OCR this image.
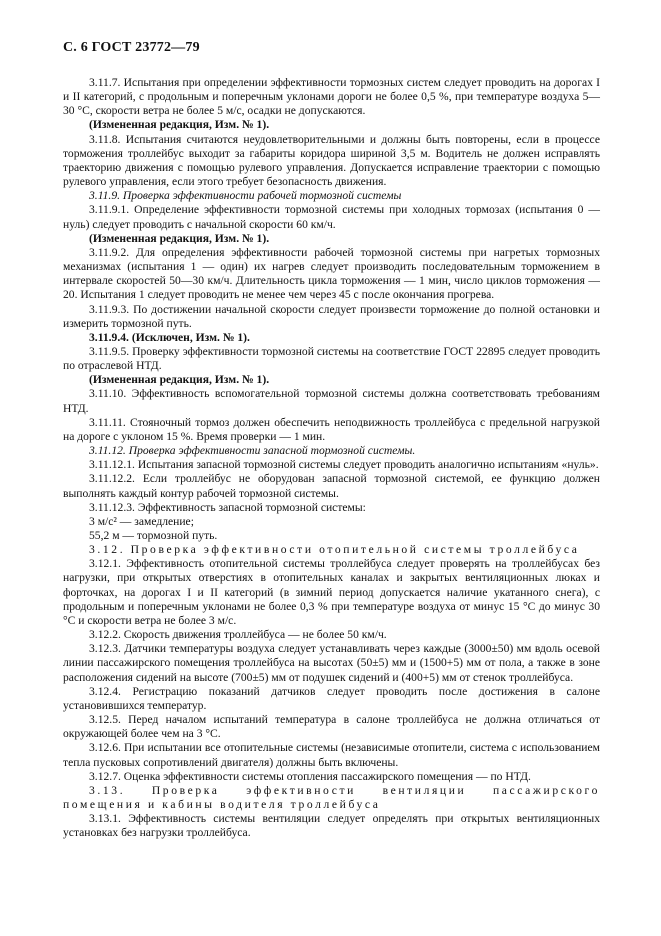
С. 6 ГОСТ 23772—79

3.11.7. Испытания при определении эффективности тормозных систем следует проводить на дорогах I и II категорий, с продольным и поперечным уклонами дороги не более 0,5 %, при температуре воздуха 5—30 °С, скорости ветра не более 5 м/с, осадки не допускаются.

(Измененная редакция, Изм. № 1).

3.11.8. Испытания считаются неудовлетворительными и должны быть повторены, если в процессе торможения троллейбус выходит за габариты коридора шириной 3,5 м. Водитель не должен исправлять траекторию движения с помощью рулевого управления. Допускается исправление траектории с помощью рулевого управления, если этого требует безопасность движения.

3.11.9. Проверка эффективности рабочей тормозной системы

3.11.9.1. Определение эффективности тормозной системы при холодных тормозах (испытания 0 — нуль) следует проводить с начальной скорости 60 км/ч.

(Измененная редакция, Изм. № 1).

3.11.9.2. Для определения эффективности рабочей тормозной системы при нагретых тормозных механизмах (испытания 1 — один) их нагрев следует производить последовательным торможением в интервале скоростей 50—30 км/ч. Длительность цикла торможения — 1 мин, число циклов торможения — 20. Испытания 1 следует проводить не менее чем через 45 с после окончания прогрева.

3.11.9.3. По достижении начальной скорости следует произвести торможение до полной остановки и измерить тормозной путь.

3.11.9.4. (Исключен, Изм. № 1).

3.11.9.5. Проверку эффективности тормозной системы на соответствие ГОСТ 22895 следует проводить по отраслевой НТД.

(Измененная редакция, Изм. № 1).

3.11.10. Эффективность вспомогательной тормозной системы должна соответствовать требованиям НТД.

3.11.11. Стояночный тормоз должен обеспечить неподвижность троллейбуса с предельной нагрузкой на дороге с уклоном 15 %. Время проверки — 1 мин.

3.11.12. Проверка эффективности запасной тормозной системы.

3.11.12.1. Испытания запасной тормозной системы следует проводить аналогично испытаниям «нуль».

3.11.12.2. Если троллейбус не оборудован запасной тормозной системой, ее функцию должен выполнять каждый контур рабочей тормозной системы.

3.11.12.3. Эффективность запасной тормозной системы:

3 м/с² — замедление;

55,2 м — тормозной путь.

3.12. Проверка эффективности отопительной системы троллейбуса

3.12.1. Эффективность отопительной системы троллейбуса следует проверять на троллейбусах без нагрузки, при открытых отверстиях в отопительных каналах и закрытых вентиляционных люках и форточках, на дорогах I и II категорий (в зимний период допускается наличие укатанного снега), с продольным и поперечным уклонами не более 0,3 % при температуре воздуха от минус 15 °С до минус 30 °С и скорости ветра не более 3 м/с.

3.12.2. Скорость движения троллейбуса — не более 50 км/ч.

3.12.3. Датчики температуры воздуха следует устанавливать через каждые (3000±50) мм вдоль осевой линии пассажирского помещения троллейбуса на высотах (50±5) мм и (1500+5) мм от пола, а также в зоне расположения сидений на высоте (700±5) мм от подушек сидений и (400+5) мм от стенок троллейбуса.

3.12.4. Регистрацию показаний датчиков следует проводить после достижения в салоне установившихся температур.

3.12.5. Перед началом испытаний температура в салоне троллейбуса не должна отличаться от окружающей более чем на 3 °С.

3.12.6. При испытании все отопительные системы (независимые отопители, система с использованием тепла пусковых сопротивлений двигателя) должны быть включены.

3.12.7. Оценка эффективности системы отопления пассажирского помещения — по НТД.

3.13. Проверка эффективности вентиляции пассажирского помещения и кабины водителя троллейбуса

3.13.1. Эффективность системы вентиляции следует определять при открытых вентиляционных установках без нагрузки троллейбуса.
